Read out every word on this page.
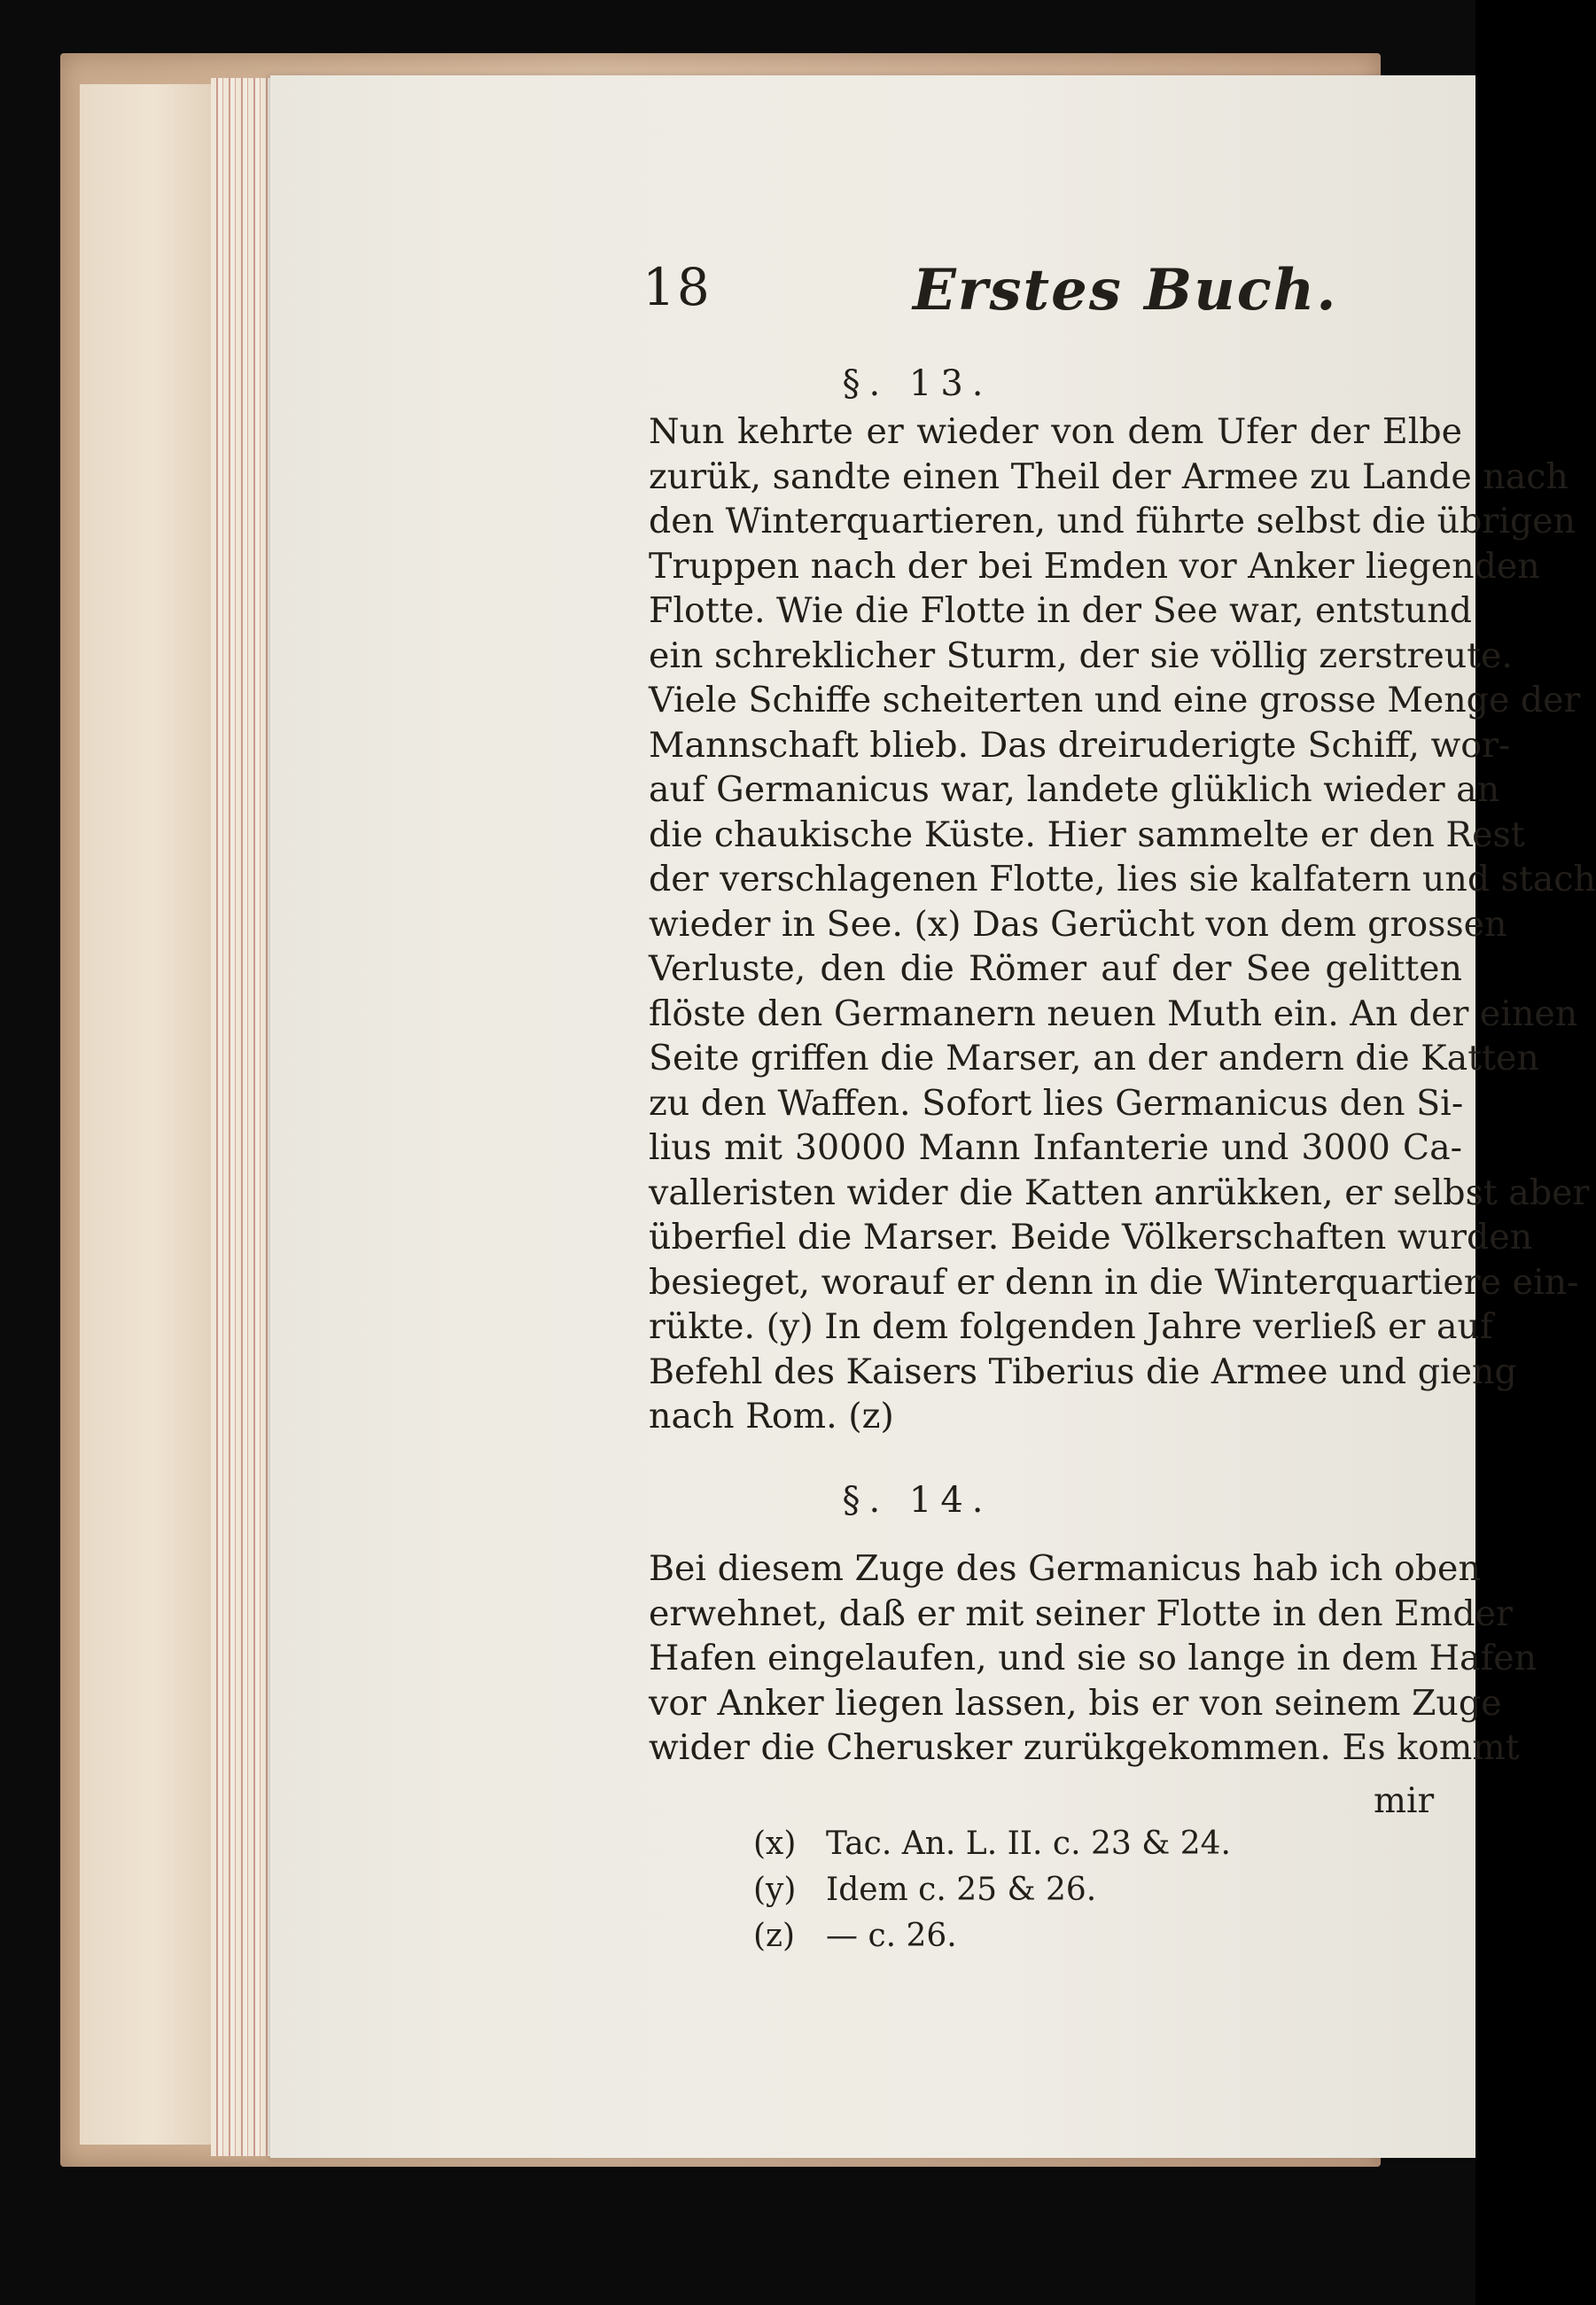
18	Erstes Buch.
§. 13.
Nun kehrte er wieder von dem Ufer der Elbe
zurük, sandte einen Theil der Armee zu Lande nach
den Winterquartieren, und führte selbst die übrigen
Truppen nach der bei Emden vor Anker liegenden
Flotte. Wie die Flotte in der See war, entstund
ein schreklicher Sturm, der sie völlig zerstreute.
Viele Schiffe scheiterten und eine grosse Menge der
Mannschaft blieb. Das dreiruderigte Schiff, wor-
auf Germanicus war, landete glüklich wieder an
die chaukische Küste. Hier sammelte er den Rest
der verschlagenen Flotte, lies sie kalfatern und stach
wieder in See. (x) Das Gerücht von dem grossen
Verluste, den die Römer auf der See gelitten
flöste den Germanern neuen Muth ein. An der einen
Seite griffen die Marser, an der andern die Katten
zu den Waffen. Sofort lies Germanicus den Si-
lius mit 30000 Mann Infanterie und 3000 Ca-
valleristen wider die Katten anrükken, er selbst aber
überfiel die Marser. Beide Völkerschaften wurden
besieget, worauf er denn in die Winterquartiere ein-
rükte. (y) In dem folgenden Jahre verließ er auf
Befehl des Kaisers Tiberius die Armee und gieng
nach Rom. (z)
§. 14.
Bei diesem Zuge des Germanicus hab ich oben
erwehnet, daß er mit seiner Flotte in den Emder
Hafen eingelaufen, und sie so lange in dem Hafen
vor Anker liegen lassen, bis er von seinem Zuge
wider die Cherusker zurükgekommen. Es kommt
mir
(x) Tac. An. L. II. c. 23 & 24.
(y) Idem c. 25 & 26.
(z) — c. 26.
